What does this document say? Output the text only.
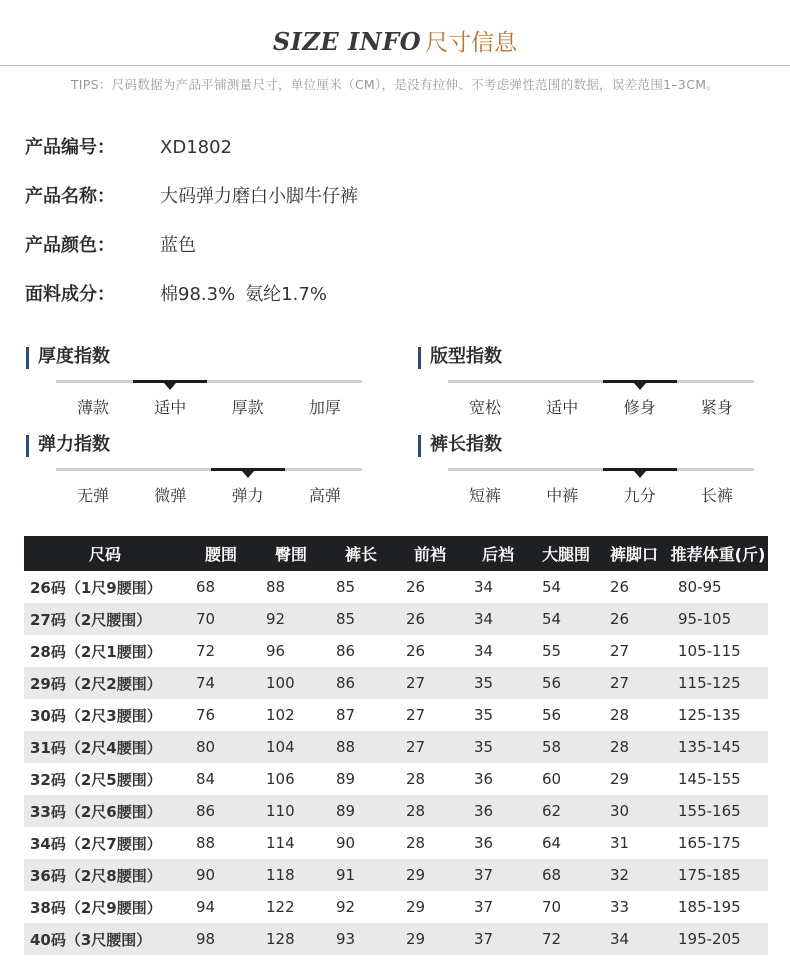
SIZE INFO 尺寸信息
TIPS：尺码数据为产品平铺测量尺寸，单位厘米（CM），是没有拉伸、不考虑弹性范围的数据，误差范围1–3CM。
产品编号：	XD1802
产品名称：	大码弹力磨白小脚牛仔裤
产品颜色：	蓝色
面料成分：	棉98.3% 氨纶1.7%
厚度指数
薄款	适中	厚款	加厚
版型指数
宽松	适中	修身	紧身
弹力指数
无弹	微弹	弹力	高弹
裤长指数
短裤	中裤	九分	长裤
尺码	腰围	臀围	裤长	前裆	后裆	大腿围	裤脚口	推荐体重(斤)
26码（1尺9腰围）	68	88	85	26	34	54	26	80-95
27码（2尺腰围）	70	92	85	26	34	54	26	95-105
28码（2尺1腰围）	72	96	86	26	34	55	27	105-115
29码（2尺2腰围）	74	100	86	27	35	56	27	115-125
30码（2尺3腰围）	76	102	87	27	35	56	28	125-135
31码（2尺4腰围）	80	104	88	27	35	58	28	135-145
32码（2尺5腰围）	84	106	89	28	36	60	29	145-155
33码（2尺6腰围）	86	110	89	28	36	62	30	155-165
34码（2尺7腰围）	88	114	90	28	36	64	31	165-175
36码（2尺8腰围）	90	118	91	29	37	68	32	175-185
38码（2尺9腰围）	94	122	92	29	37	70	33	185-195
40码（3尺腰围）	98	128	93	29	37	72	34	195-205
